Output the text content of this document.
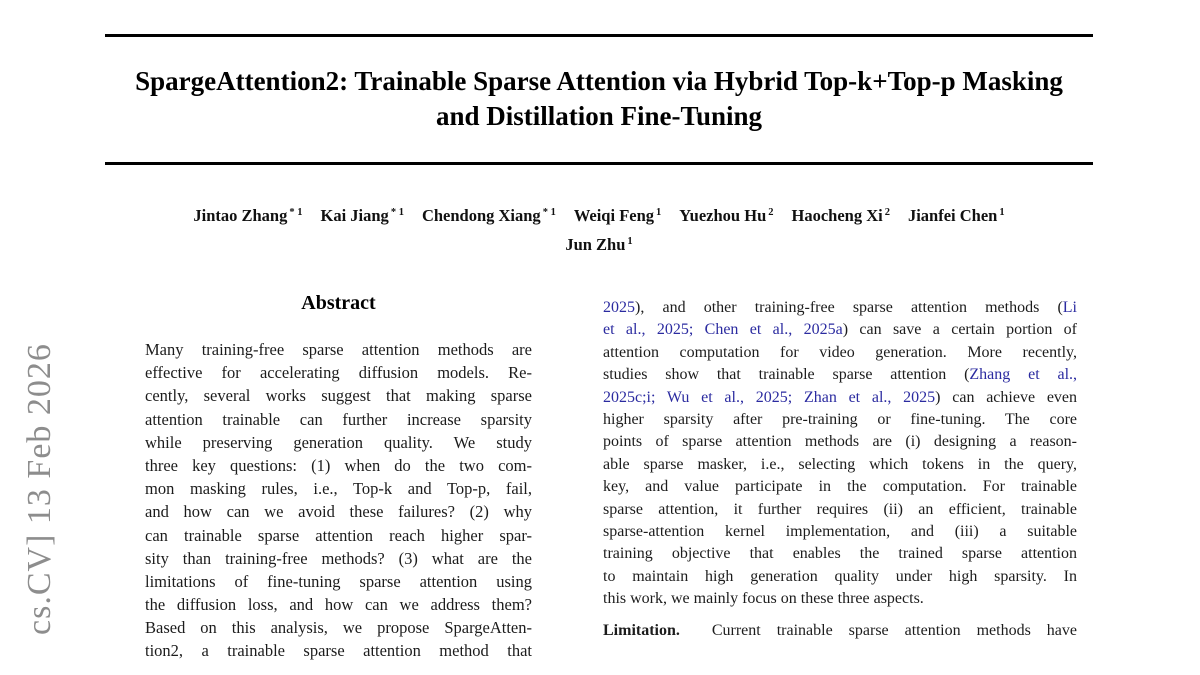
cs.CV] 13 Feb 2026
SpargeAttention2: Trainable Sparse Attention via Hybrid Top-k+Top-p Masking
and Distillation Fine-Tuning
Jintao Zhang $^{* 1}$ Kai Jiang $^{* 1}$ Chendong Xiang $^{* 1}$ Weiqi Feng $^1$ Yuezhou Hu $^2$ Haocheng Xi $^2$ Jianfei Chen $^1$
Jun Zhu $^1$
Abstract
Many training-free sparse attention methods are
effective for accelerating diffusion models. Re-
cently, several works suggest that making sparse
attention trainable can further increase sparsity
while preserving generation quality. We study
three key questions: (1) when do the two com-
mon masking rules, i.e., Top-k and Top-p, fail,
and how can we avoid these failures? (2) why
can trainable sparse attention reach higher spar-
sity than training-free methods? (3) what are the
limitations of fine-tuning sparse attention using
the diffusion loss, and how can we address them?
Based on this analysis, we propose SpargeAtten-
tion2, a trainable sparse attention method that
2025), and other training-free sparse attention methods (Li
et al., 2025; Chen et al., 2025a) can save a certain portion of
attention computation for video generation. More recently,
studies show that trainable sparse attention (Zhang et al.,
2025c;i; Wu et al., 2025; Zhan et al., 2025) can achieve even
higher sparsity after pre-training or fine-tuning. The core
points of sparse attention methods are (i) designing a reason-
able sparse masker, i.e., selecting which tokens in the query,
key, and value participate in the computation. For trainable
sparse attention, it further requires (ii) an efficient, trainable
sparse-attention kernel implementation, and (iii) a suitable
training objective that enables the trained sparse attention
to maintain high generation quality under high sparsity. In
this work, we mainly focus on these three aspects.
Limitation.  Current trainable sparse attention methods have
